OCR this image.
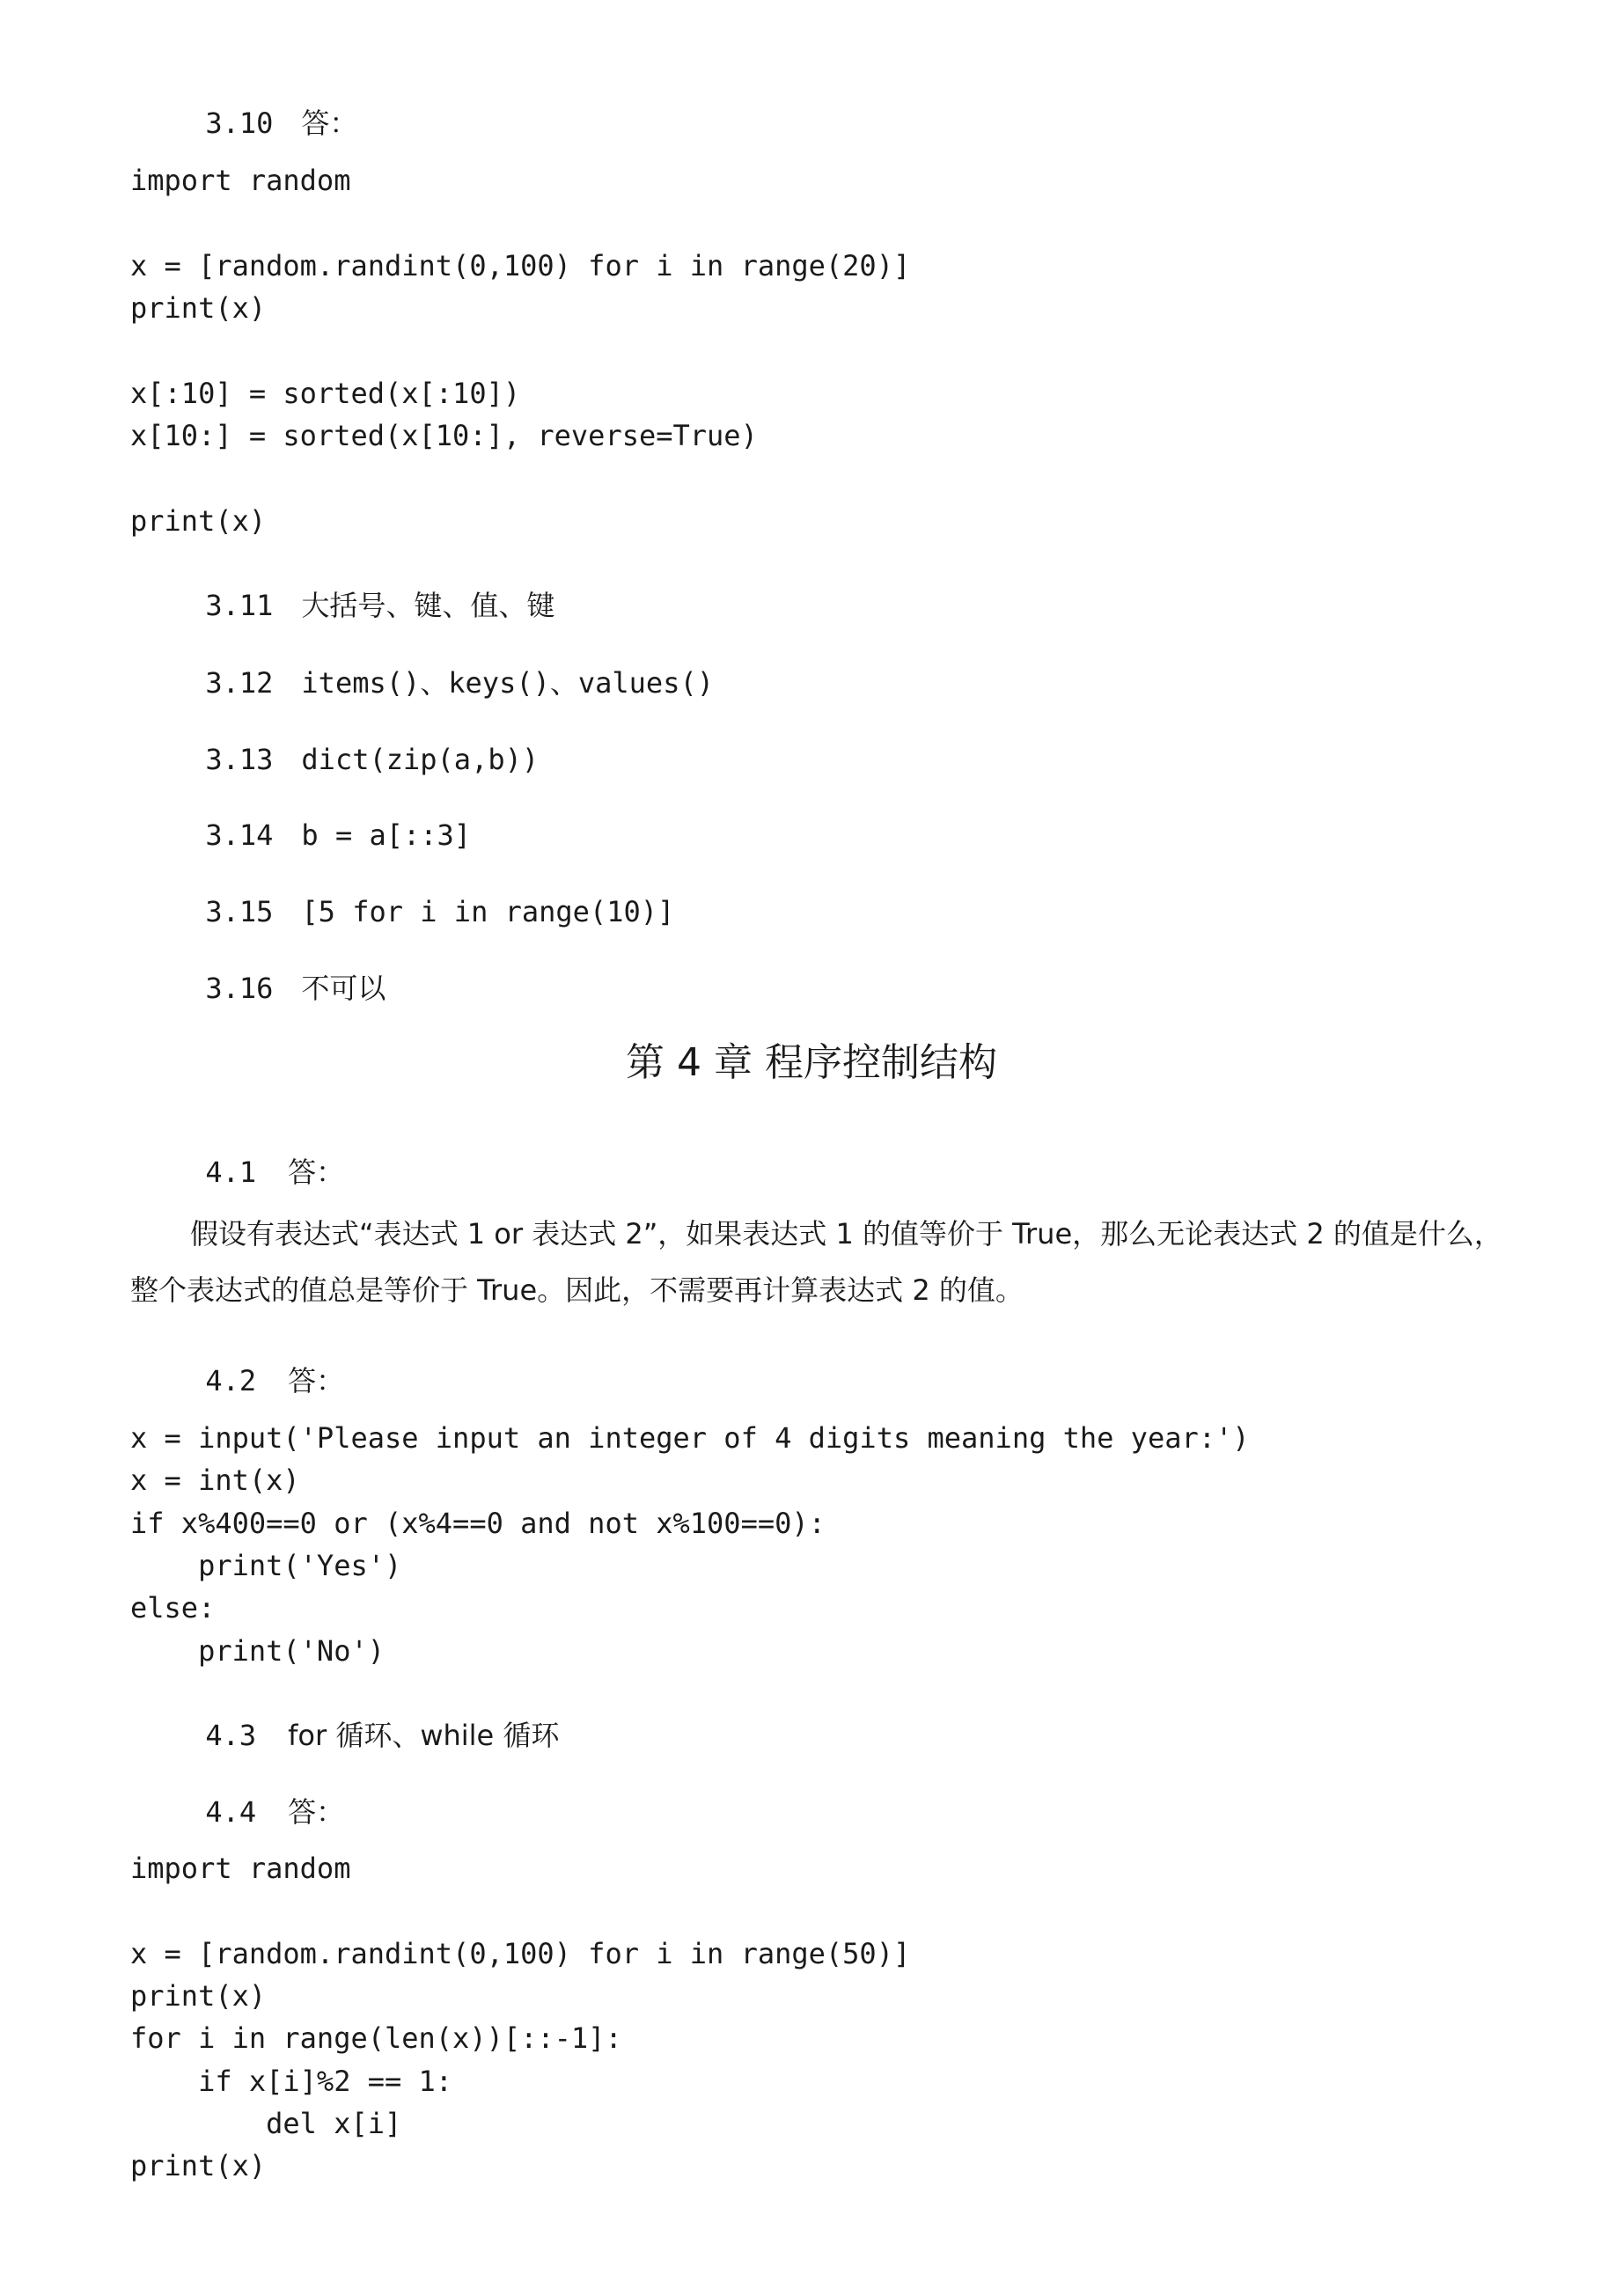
3.10 答：

import random
x = [random.randint(0,100) for i in range(20)]
print(x)
x[:10] = sorted(x[:10])
x[10:] = sorted(x[10:], reverse=True)
print(x)

3.11 大括号、键、值、键

3.12 items()、keys()、values()

3.13 dict(zip(a,b))

3.14 b = a[::3]

3.15 [5 for i in range(10)]

3.16 不可以

第 4 章 程序控制结构

4.1 答：

假设有表达式“表达式 1 or 表达式 2”，如果表达式 1 的值等价于 True，那么无论表达式 2 的值是什么，整个表达式的值总是等价于 True。因此，不需要再计算表达式 2 的值。

4.2 答：

x = input('Please input an integer of 4 digits meaning the year:')
x = int(x)
if x%400==0 or (x%4==0 and not x%100==0):
print('Yes')
else:
print('No')

4.3 for 循环、while 循环

4.4 答：

import random
x = [random.randint(0,100) for i in range(50)]
print(x)
for i in range(len(x))[::-1]:
if x[i]%2 == 1:
del x[i]
print(x)
